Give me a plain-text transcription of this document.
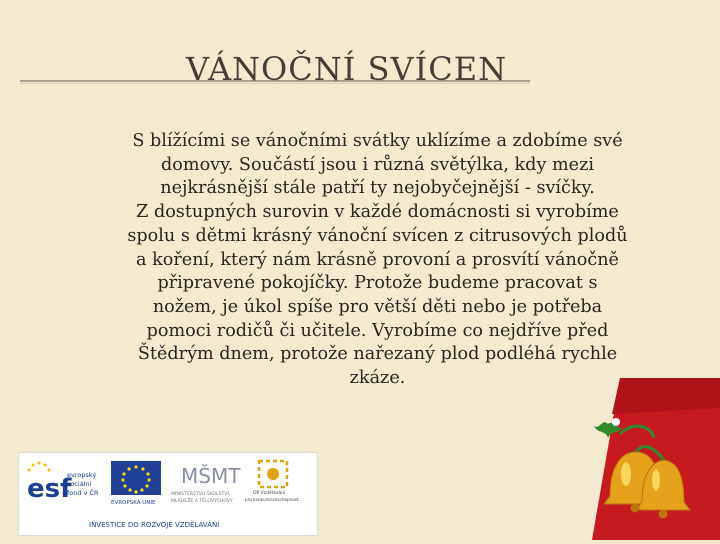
VÁNOČNÍ SVÍCEN

S blížícími se vánočními svátky uklízíme a zdobíme své domovy. Součástí jsou i různá světýlka, kdy mezi nejkrásnější stále patří ty nejobyčejnější - svíčky.

Z dostupných surovin v každé domácnosti si vyrobíme spolu s dětmi krásný vánoční svícen z citrusových plodů a koření, který nám krásně provoní a prosvítí vánočně připravené pokojíčky. Protože budeme pracovat s nožem, je úkol spíše pro větší děti nebo je potřeba pomoci rodičů či učitele. Vyrobíme co nejdříve před Štědrým dnem, protože nařezaný plod podléhá rychle zkáze.

esf
evropský
sociální
fond v ČR
EVROPSKÁ UNIE
MŠMT
MINISTERSTVO ŠKOLSTVÍ,
MLÁDEŽE A TĚLOVÝCHOVY
OP Vzdělávání
pro konkurenceschopnost
INVESTICE DO ROZVOJE VZDĚLÁVÁNÍ
